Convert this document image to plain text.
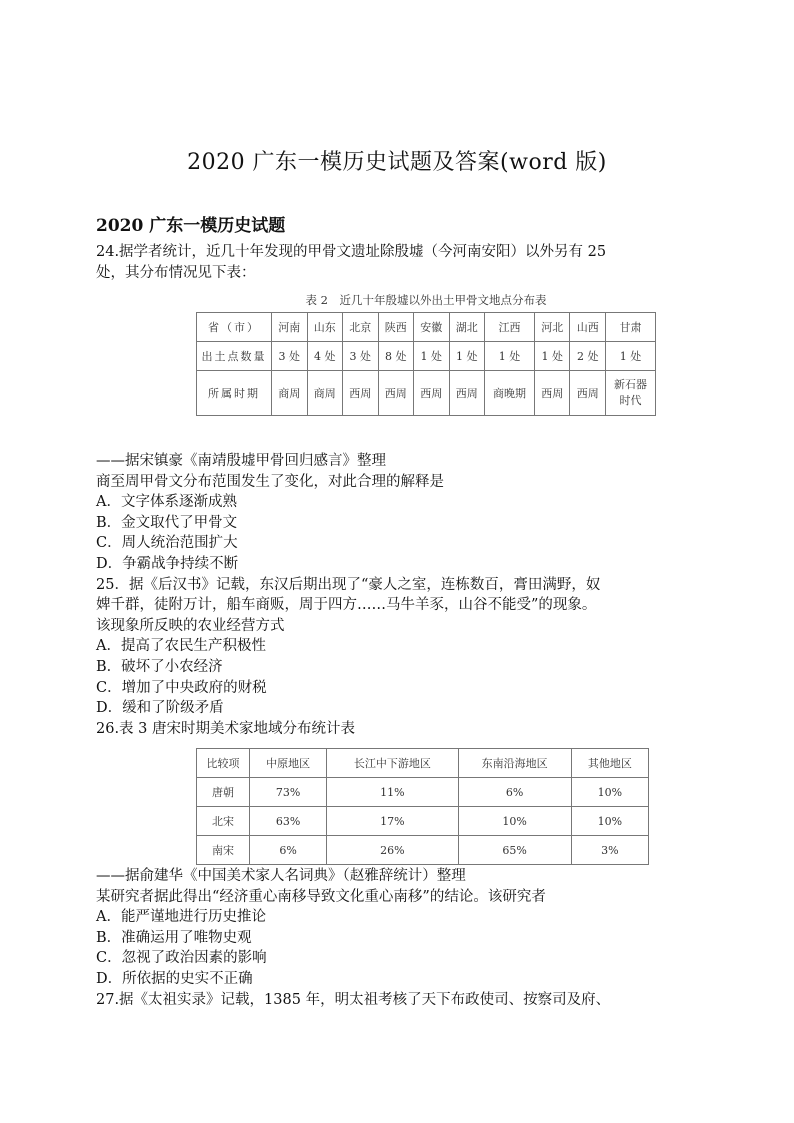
2020 广东一模历史试题及答案(word 版)
2020 广东一模历史试题
24.据学者统计，近几十年发现的甲骨文遗址除殷墟（今河南安阳）以外另有 25
处，其分布情况见下表：
表 2　近几十年殷墟以外出土甲骨文地点分布表
省（市）	河南	山东	北京	陕西	安徽	湖北	江西	河北	山西	甘肃
出土点数量	3 处	4 处	3 处	8 处	1 处	1 处	1 处	1 处	2 处	1 处
所属时期	商周	商周	西周	西周	西周	西周	商晚期	西周	西周	新石器
时代
——据宋镇豪《南靖殷墟甲骨回归感言》整理
商至周甲骨文分布范围发生了变化，对此合理的解释是
A．文字体系逐渐成熟
B．金文取代了甲骨文
C．周人统治范围扩大
D．争霸战争持续不断
25．据《后汉书》记载，东汉后期出现了“豪人之室，连栋数百，膏田满野，奴
婢千群，徒附万计，船车商贩，周于四方……马牛羊豕，山谷不能受”的现象。
该现象所反映的农业经营方式
A．提高了农民生产积极性
B．破坏了小农经济
C．增加了中央政府的财税
D．缓和了阶级矛盾
26.表 3 唐宋时期美术家地域分布统计表
比较项	中原地区	长江中下游地区	东南沿海地区	其他地区
唐朝	73%	11%	6%	10%
北宋	63%	17%	10%	10%
南宋	6%	26%	65%	3%
——据俞建华《中国美术家人名词典》（赵雅辞统计）整理
某研究者据此得出“经济重心南移导致文化重心南移”的结论。该研究者
A．能严谨地进行历史推论
B．准确运用了唯物史观
C．忽视了政治因素的影响
D．所依据的史实不正确
27.据《太祖实录》记载，1385 年，明太祖考核了天下布政使司、按察司及府、
